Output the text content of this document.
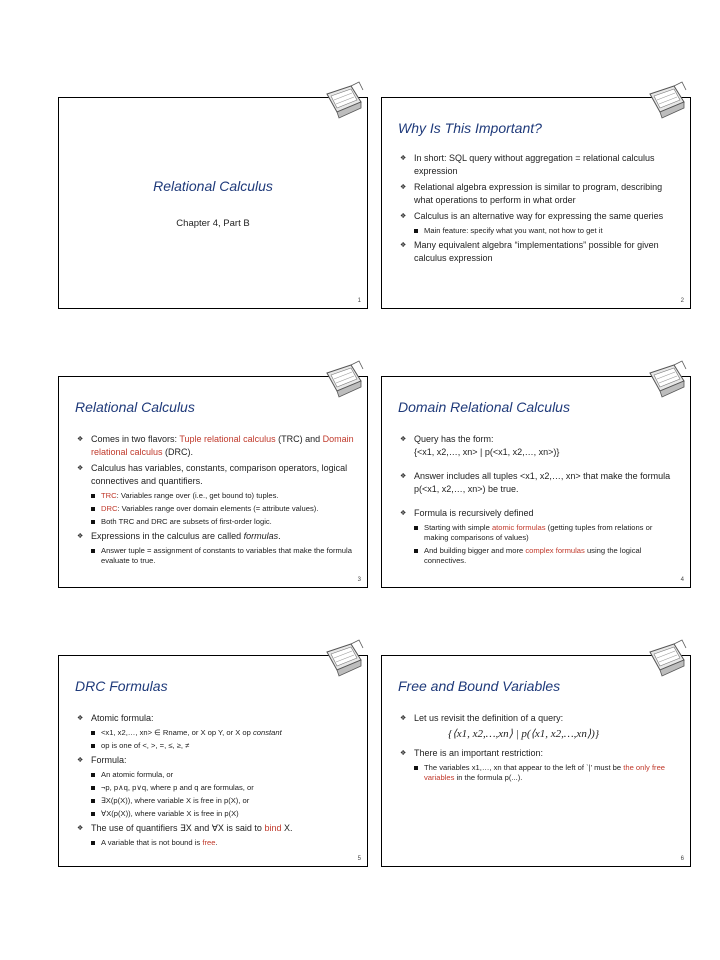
Relational Calculus
Chapter 4, Part B
1
Why Is This Important?
❖ In short: SQL query without aggregation = relational calculus expression
❖ Relational algebra expression is similar to program, describing what operations to perform in what order
❖ Calculus is an alternative way for expressing the same queries
Main feature: specify what you want, not how to get it
❖ Many equivalent algebra “implementations” possible for given calculus expression
2
Relational Calculus
❖ Comes in two flavors: Tuple relational calculus (TRC) and Domain relational calculus (DRC).
❖ Calculus has variables, constants, comparison operators, logical connectives and quantifiers.
TRC: Variables range over (i.e., get bound to) tuples.
DRC: Variables range over domain elements (= attribute values).
Both TRC and DRC are subsets of first-order logic.
❖ Expressions in the calculus are called formulas.
Answer tuple = assignment of constants to variables that make the formula evaluate to true.
3
Domain Relational Calculus
❖ Query has the form:
{<x1, x2,…, xn> | p(<x1, x2,…, xn>)}
❖ Answer includes all tuples <x1, x2,…, xn> that make the formula p(<x1, x2,…, xn>) be true.
❖ Formula is recursively defined
Starting with simple atomic formulas (getting tuples from relations or making comparisons of values)
And building bigger and more complex formulas using the logical connectives.
4
DRC Formulas
❖ Atomic formula:
<x1, x2,…, xn> ∈ Rname, or X op Y, or X op constant
op is one of <, >, =, ≤, ≥, ≠
❖ Formula:
An atomic formula, or
¬p, p∧q, p∨q, where p and q are formulas, or
∃X(p(X)), where variable X is free in p(X), or
∀X(p(X)), where variable X is free in p(X)
❖ The use of quantifiers ∃X and ∀X is said to bind X.
A variable that is not bound is free.
5
Free and Bound Variables
❖ Let us revisit the definition of a query:
{⟨x1, x2,…,xn⟩ | p(⟨x1, x2,…,xn⟩)}
❖ There is an important restriction:
The variables x1,…, xn that appear to the left of `|’ must be the only free variables in the formula p(...).
6
